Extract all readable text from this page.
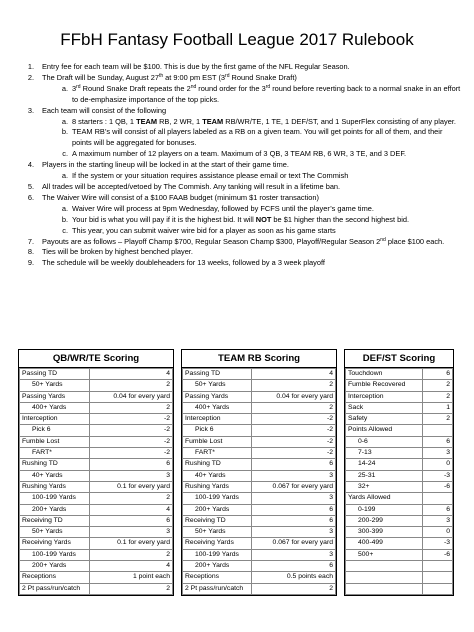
FFbH Fantasy Football League 2017 Rulebook
1. Entry fee for each team will be $100. This is due by the first game of the NFL Regular Season.
2. The Draft will be Sunday, August 27th at 9:00 pm EST (3rd Round Snake Draft)
a. 3rd Round Snake Draft repeats the 2nd round order for the 3rd round before reverting back to a normal snake in an effort to de-emphasize importance of the top picks.
3. Each team will consist of the following
a. 8 starters : 1 QB, 1 TEAM RB, 2 WR, 1 TEAM RB/WR/TE, 1 TE, 1 DEF/ST, and 1 SuperFlex consisting of any player.
b. TEAM RB’s will consist of all players labeled as a RB on a given team. You will get points for all of them, and their points will be aggregated for bonuses.
c. A maximum number of 12 players on a team. Maximum of 3 QB, 3 TEAM RB, 6 WR, 3 TE, and 3 DEF.
4. Players in the starting lineup will be locked in at the start of their game time.
a. If the system or your situation requires assistance please email or text The Commish
5. All trades will be accepted/vetoed by The Commish. Any tanking will result in a lifetime ban.
6. The Waiver Wire will consist of a $100 FAAB budget (minimum $1 roster transaction)
a. Waiver Wire will process at 9pm Wednesday, followed by FCFS until the player’s game time.
b. Your bid is what you will pay if it is the highest bid. It will NOT be $1 higher than the second highest bid.
c. This year, you can submit waiver wire bid for a player as soon as his game starts
7. Payouts are as follows – Playoff Champ $700, Regular Season Champ $300, Playoff/Regular Season 2nd place $100 each.
8. Ties will be broken by highest benched player.
9. The schedule will be weekly doubleheaders for 13 weeks, followed by a 3 week playoff
QB/WR/TE Scoring
Passing TD	4
50+ Yards	2
Passing Yards	0.04 for every yard
400+ Yards	2
Interception	-2
Pick 6	-2
Fumble Lost	-2
FART*	-2
Rushing TD	6
40+ Yards	3
Rushing Yards	0.1 for every yard
100-199 Yards	2
200+ Yards	4
Receiving TD	6
50+ Yards	3
Receiving Yards	0.1 for every yard
100-199 Yards	2
200+ Yards	4
Receptions	1 point each
2 Pt pass/run/catch	2
TEAM RB Scoring
Passing TD	4
50+ Yards	2
Passing Yards	0.04 for every yard
400+ Yards	2
Interception	-2
Pick 6	-2
Fumble Lost	-2
FART*	-2
Rushing TD	6
40+ Yards	3
Rushing Yards	0.067 for every yard
100-199 Yards	3
200+ Yards	6
Receiving TD	6
50+ Yards	3
Receiving Yards	0.067 for every yard
100-199 Yards	3
200+ Yards	6
Receptions	0.5 points each
2 Pt pass/run/catch	2
DEF/ST Scoring
Touchdown	6
Fumble Recovered	2
Interception	2
Sack	1
Safety	2
Points Allowed	
0-6	6
7-13	3
14-24	0
25-31	-3
32+	-6
Yards Allowed	
0-199	6
200-299	3
300-399	0
400-499	-3
500+	-6
